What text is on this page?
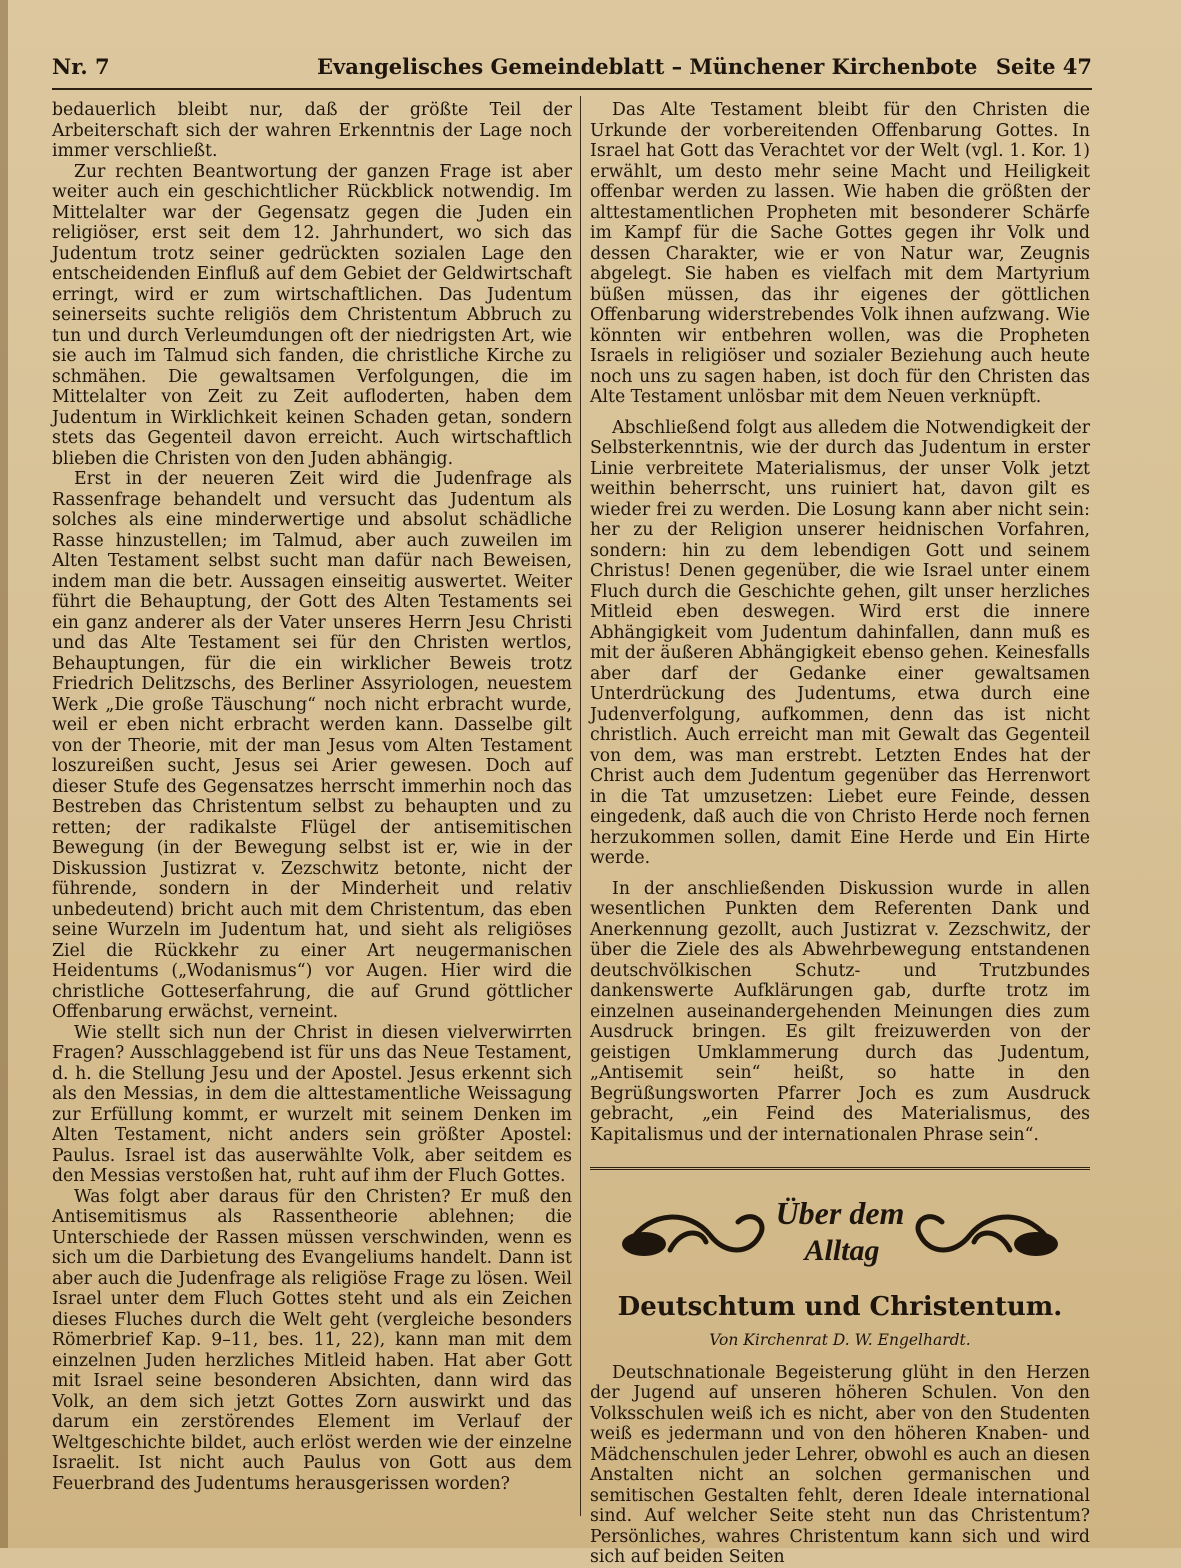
Nr. 7	Evangelisches Gemeindeblatt – Münchener Kirchenbote Seite 47

bedauerlich bleibt nur, daß der größte Teil der Arbeiterschaft sich der wahren Erkenntnis der Lage noch immer verschließt.

Zur rechten Beantwortung der ganzen Frage ist aber weiter auch ein geschichtlicher Rückblick notwendig. Im Mittelalter war der Gegensatz gegen die Juden ein religiöser, erst seit dem 12. Jahrhundert, wo sich das Judentum trotz seiner gedrückten sozialen Lage den entscheidenden Einfluß auf dem Gebiet der Geldwirtschaft erringt, wird er zum wirtschaftlichen. Das Judentum seinerseits suchte religiös dem Christentum Abbruch zu tun und durch Verleumdungen oft der niedrigsten Art, wie sie auch im Talmud sich fanden, die christliche Kirche zu schmähen. Die gewaltsamen Verfolgungen, die im Mittelalter von Zeit zu Zeit aufloderten, haben dem Judentum in Wirklichkeit keinen Schaden getan, sondern stets das Gegenteil davon erreicht. Auch wirtschaftlich blieben die Christen von den Juden abhängig.

Erst in der neueren Zeit wird die Judenfrage als Rassenfrage behandelt und versucht das Judentum als solches als eine minderwertige und absolut schädliche Rasse hinzustellen; im Talmud, aber auch zuweilen im Alten Testament selbst sucht man dafür nach Beweisen, indem man die betr. Aussagen einseitig auswertet. Weiter führt die Behauptung, der Gott des Alten Testaments sei ein ganz anderer als der Vater unseres Herrn Jesu Christi und das Alte Testament sei für den Christen wertlos, Behauptungen, für die ein wirklicher Beweis trotz Friedrich Delitzschs, des Berliner Assyriologen, neuestem Werk „Die große Täuschung“ noch nicht erbracht wurde, weil er eben nicht erbracht werden kann. Dasselbe gilt von der Theorie, mit der man Jesus vom Alten Testament loszureißen sucht, Jesus sei Arier gewesen. Doch auf dieser Stufe des Gegensatzes herrscht immerhin noch das Bestreben das Christentum selbst zu behaupten und zu retten; der radikalste Flügel der antisemitischen Bewegung (in der Bewegung selbst ist er, wie in der Diskussion Justizrat v. Zezschwitz betonte, nicht der führende, sondern in der Minderheit und relativ unbedeutend) bricht auch mit dem Christentum, das eben seine Wurzeln im Judentum hat, und sieht als religiöses Ziel die Rückkehr zu einer Art neugermanischen Heidentums („Wodanismus“) vor Augen. Hier wird die christliche Gotteserfahrung, die auf Grund göttlicher Offenbarung erwächst, verneint.

Wie stellt sich nun der Christ in diesen vielverwirrten Fragen? Ausschlaggebend ist für uns das Neue Testament, d. h. die Stellung Jesu und der Apostel. Jesus erkennt sich als den Messias, in dem die alttestamentliche Weissagung zur Erfüllung kommt, er wurzelt mit seinem Denken im Alten Testament, nicht anders sein größter Apostel: Paulus. Israel ist das auserwählte Volk, aber seitdem es den Messias verstoßen hat, ruht auf ihm der Fluch Gottes.

Was folgt aber daraus für den Christen? Er muß den Antisemitismus als Rassentheorie ablehnen; die Unterschiede der Rassen müssen verschwinden, wenn es sich um die Darbietung des Evangeliums handelt. Dann ist aber auch die Judenfrage als religiöse Frage zu lösen. Weil Israel unter dem Fluch Gottes steht und als ein Zeichen dieses Fluches durch die Welt geht (vergleiche besonders Römerbrief Kap. 9–11, bes. 11, 22), kann man mit dem einzelnen Juden herzliches Mitleid haben. Hat aber Gott mit Israel seine besonderen Absichten, dann wird das Volk, an dem sich jetzt Gottes Zorn auswirkt und das darum ein zerstörendes Element im Verlauf der Weltgeschichte bildet, auch erlöst werden wie der einzelne Israelit. Ist nicht auch Paulus von Gott aus dem Feuerbrand des Judentums herausgerissen worden?

Das Alte Testament bleibt für den Christen die Urkunde der vorbereitenden Offenbarung Gottes. In Israel hat Gott das Verachtet vor der Welt (vgl. 1. Kor. 1) erwählt, um desto mehr seine Macht und Heiligkeit offenbar werden zu lassen. Wie haben die größten der alttestamentlichen Propheten mit besonderer Schärfe im Kampf für die Sache Gottes gegen ihr Volk und dessen Charakter, wie er von Natur war, Zeugnis abgelegt. Sie haben es vielfach mit dem Martyrium büßen müssen, das ihr eigenes der göttlichen Offenbarung widerstrebendes Volk ihnen aufzwang. Wie könnten wir entbehren wollen, was die Propheten Israels in religiöser und sozialer Beziehung auch heute noch uns zu sagen haben, ist doch für den Christen das Alte Testament unlösbar mit dem Neuen verknüpft.

Abschließend folgt aus alledem die Notwendigkeit der Selbsterkenntnis, wie der durch das Judentum in erster Linie verbreitete Materialismus, der unser Volk jetzt weithin beherrscht, uns ruiniert hat, davon gilt es wieder frei zu werden. Die Losung kann aber nicht sein: her zu der Religion unserer heidnischen Vorfahren, sondern: hin zu dem lebendigen Gott und seinem Christus! Denen gegenüber, die wie Israel unter einem Fluch durch die Geschichte gehen, gilt unser herzliches Mitleid eben deswegen. Wird erst die innere Abhängigkeit vom Judentum dahinfallen, dann muß es mit der äußeren Abhängigkeit ebenso gehen. Keinesfalls aber darf der Gedanke einer gewaltsamen Unterdrückung des Judentums, etwa durch eine Judenverfolgung, aufkommen, denn das ist nicht christlich. Auch erreicht man mit Gewalt das Gegenteil von dem, was man erstrebt. Letzten Endes hat der Christ auch dem Judentum gegenüber das Herrenwort in die Tat umzusetzen: Liebet eure Feinde, dessen eingedenk, daß auch die von Christo Herde noch fernen herzukommen sollen, damit Eine Herde und Ein Hirte werde.

In der anschließenden Diskussion wurde in allen wesentlichen Punkten dem Referenten Dank und Anerkennung gezollt, auch Justizrat v. Zezschwitz, der über die Ziele des als Abwehrbewegung entstandenen deutschvölkischen Schutz- und Trutzbundes dankenswerte Aufklärungen gab, durfte trotz im einzelnen auseinandergehenden Meinungen dies zum Ausdruck bringen. Es gilt freizuwerden von der geistigen Umklammerung durch das Judentum, „Antisemit sein“ heißt, so hatte in den Begrüßungsworten Pfarrer Joch es zum Ausdruck gebracht, „ein Feind des Materialismus, des Kapitalismus und der internationalen Phrase sein“.

Über dem
Alltag
Deutschtum und Christentum.
Von Kirchenrat D. W. Engelhardt.

Deutschnationale Begeisterung glüht in den Herzen der Jugend auf unseren höheren Schulen. Von den Volksschulen weiß ich es nicht, aber von den Studenten weiß es jedermann und von den höheren Knaben- und Mädchenschulen jeder Lehrer, obwohl es auch an diesen Anstalten nicht an solchen germanischen und semitischen Gestalten fehlt, deren Ideale international sind. Auf welcher Seite steht nun das Christentum? Persönliches, wahres Christentum kann sich und wird sich auf beiden Seiten
